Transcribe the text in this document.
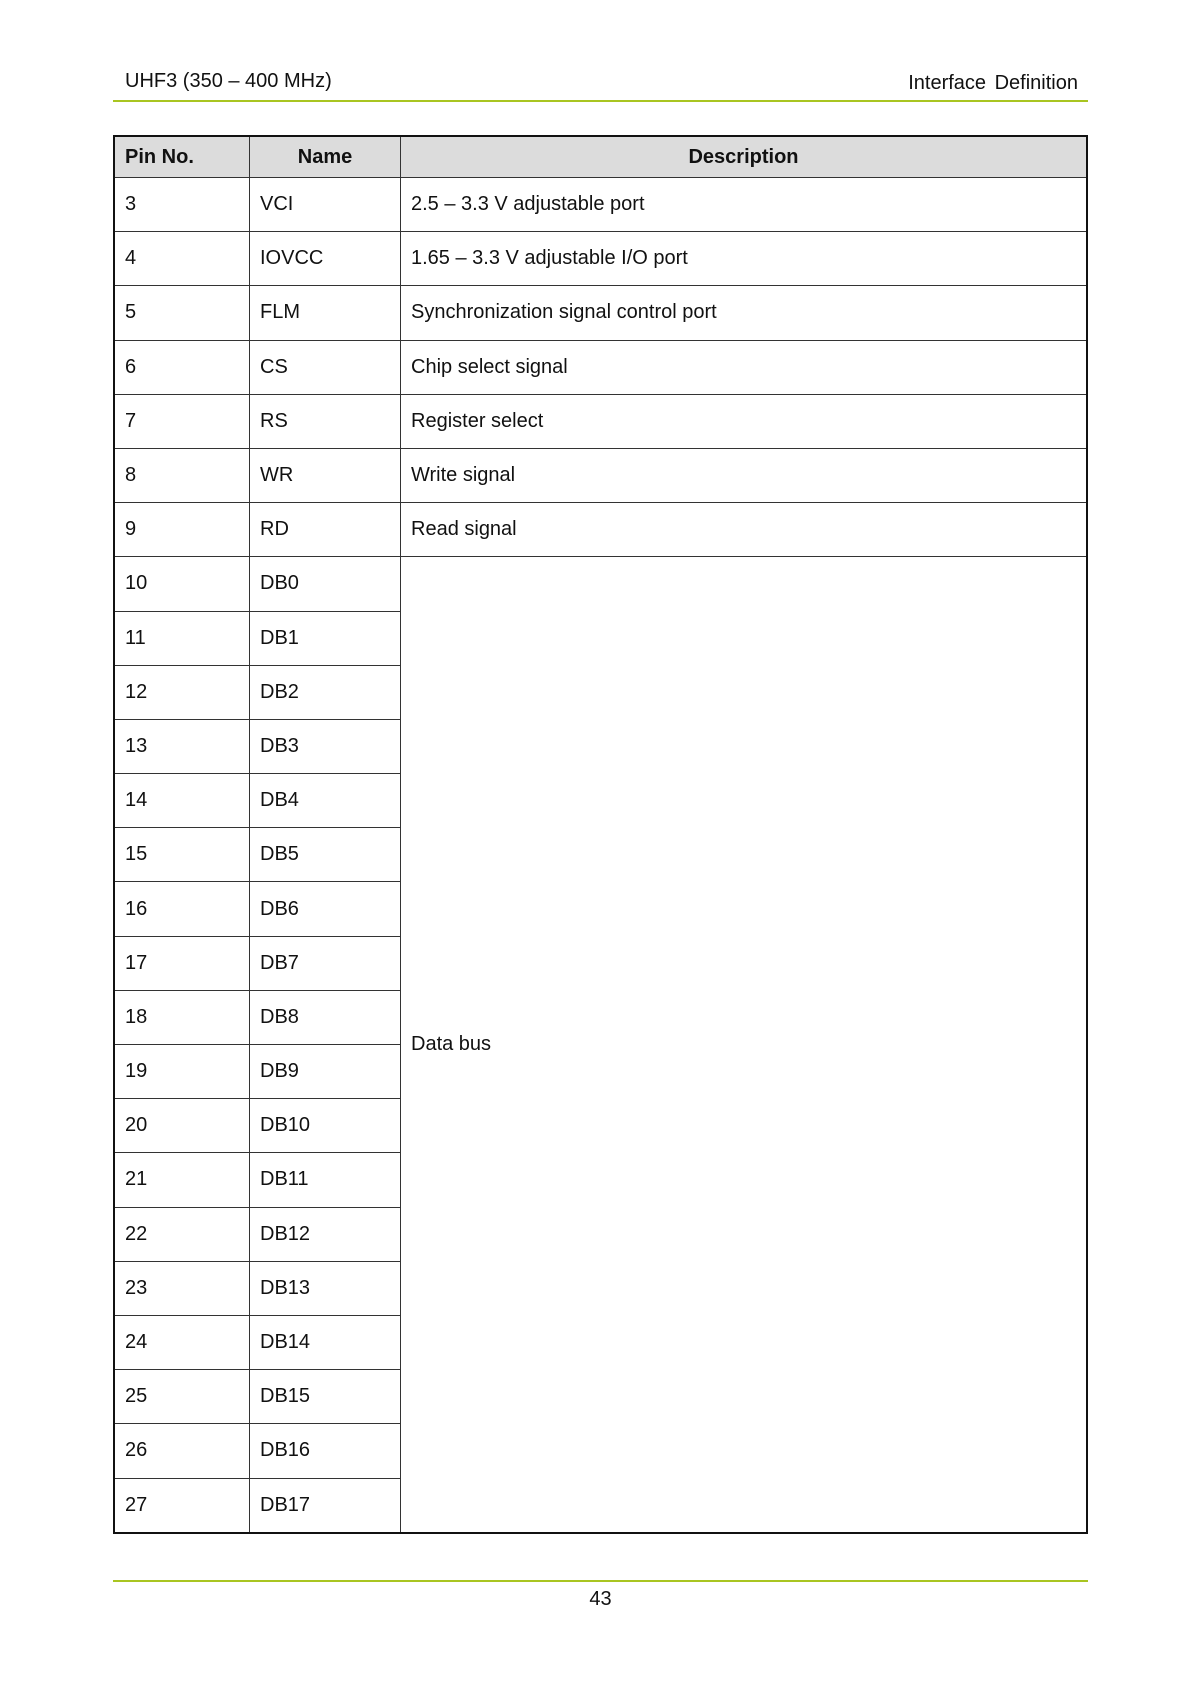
UHF3 (350 – 400 MHz)	Interface Definition
Pin No.	Name	Description
3	VCI	2.5 – 3.3 V adjustable port
4	IOVCC	1.65 – 3.3 V adjustable I/O port
5	FLM	Synchronization signal control port
6	CS	Chip select signal
7	RS	Register select
8	WR	Write signal
9	RD	Read signal
10	DB0	Data bus
11	DB1	
12	DB2	
13	DB3	
14	DB4	
15	DB5	
16	DB6	
17	DB7	
18	DB8	
19	DB9	
20	DB10	
21	DB11	
22	DB12	
23	DB13	
24	DB14	
25	DB15	
26	DB16	
27	DB17	
43
